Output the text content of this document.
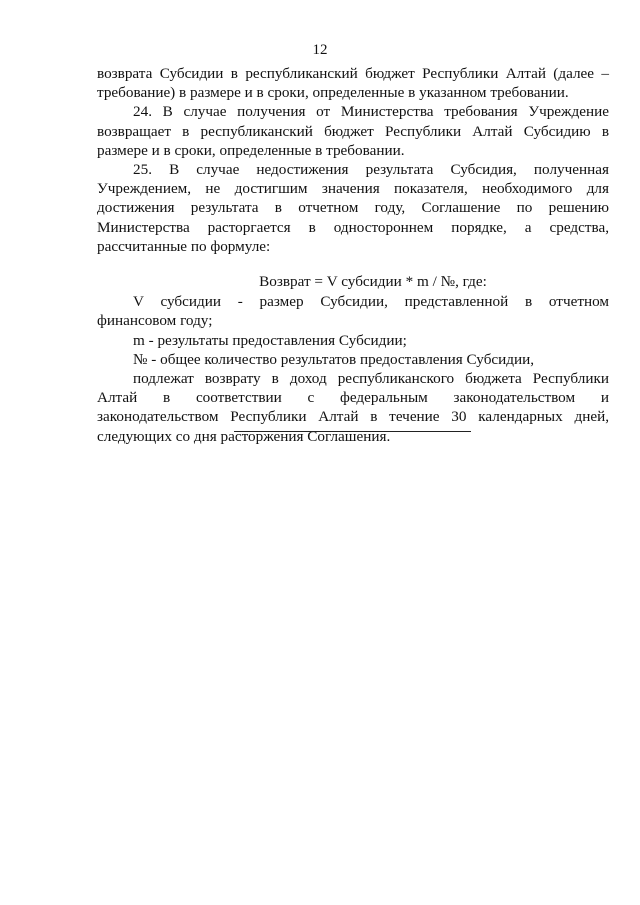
12

возврата Субсидии в республиканский бюджет Республики Алтай (далее –
требование) в размере и в сроки, определенные в указанном требовании.

24. В случае получения от Министерства требования Учреждение
возвращает в республиканский бюджет Республики Алтай Субсидию в
размере и в сроки, определенные в требовании.

25. В случае недостижения результата Субсидия, полученная
Учреждением, не достигшим значения показателя, необходимого для
достижения результата в отчетном году, Соглашение по решению
Министерства расторгается в одностороннем порядке, а средства,
рассчитанные по формуле:

Возврат = V субсидии * m / №, где:

V субсидии - размер Субсидии, представленной в отчетном
финансовом году;

m - результаты предоставления Субсидии;

№ - общее количество результатов предоставления Субсидии,

подлежат возврату в доход республиканского бюджета Республики
Алтай в соответствии с федеральным законодательством и
законодательством Республики Алтай в течение 30 календарных дней,
следующих со дня расторжения Соглашения.
